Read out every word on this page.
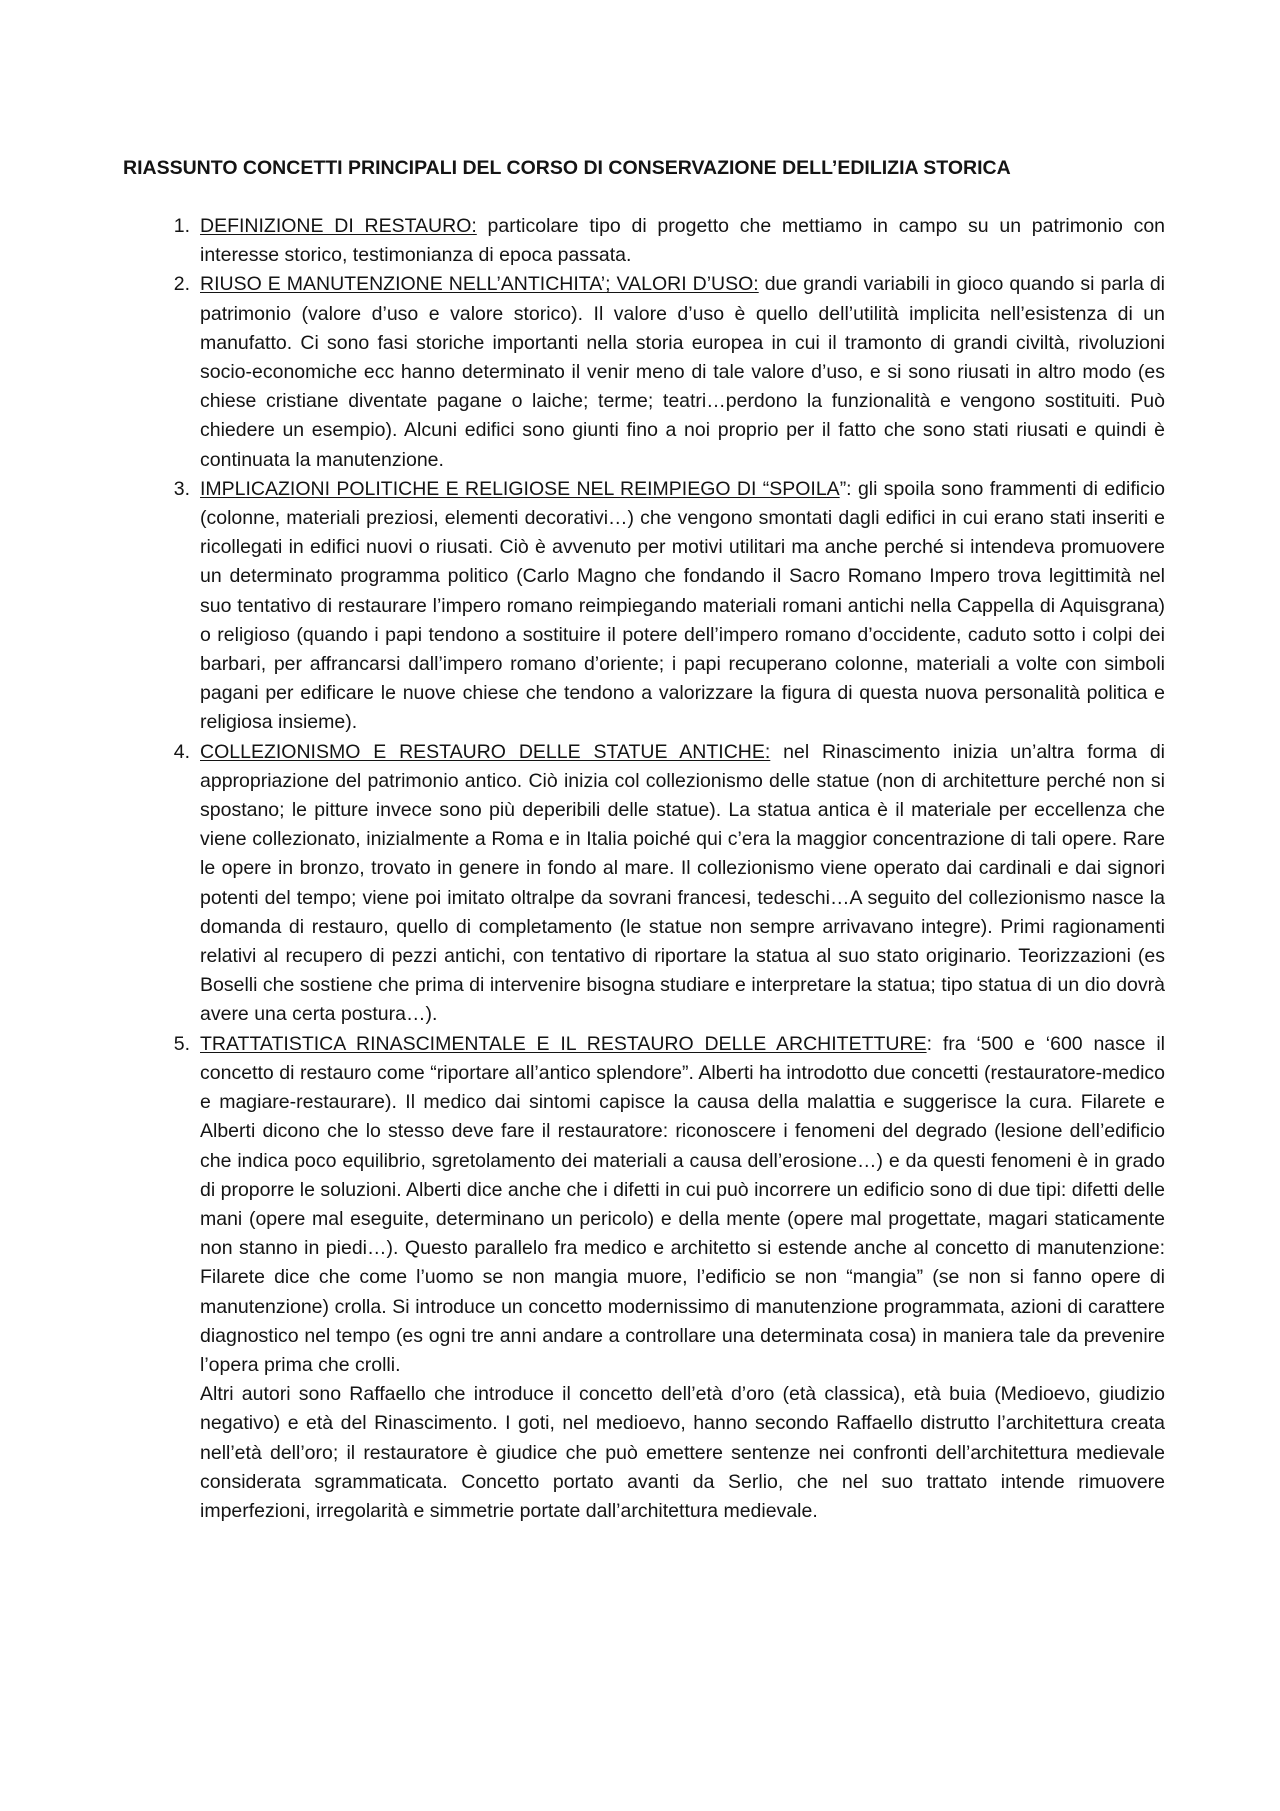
RIASSUNTO CONCETTI PRINCIPALI DEL CORSO DI CONSERVAZIONE DELL’EDILIZIA STORICA
1. DEFINIZIONE DI RESTAURO: particolare tipo di progetto che mettiamo in campo su un patrimonio con interesse storico, testimonianza di epoca passata.

2. RIUSO E MANUTENZIONE NELL’ANTICHITA’; VALORI D’USO: due grandi variabili in gioco quando si parla di patrimonio (valore d’uso e valore storico). Il valore d’uso è quello dell’utilità implicita nell’esistenza di un manufatto. Ci sono fasi storiche importanti nella storia europea in cui il tramonto di grandi civiltà, rivoluzioni socio-economiche ecc hanno determinato il venir meno di tale valore d’uso, e si sono riusati in altro modo (es chiese cristiane diventate pagane o laiche; terme; teatri…perdono la funzionalità e vengono sostituiti. Può chiedere un esempio). Alcuni edifici sono giunti fino a noi proprio per il fatto che sono stati riusati e quindi è continuata la manutenzione.

3. IMPLICAZIONI POLITICHE E RELIGIOSE NEL REIMPIEGO DI “SPOILA”: gli spoila sono frammenti di edificio (colonne, materiali preziosi, elementi decorativi…) che vengono smontati dagli edifici in cui erano stati inseriti e ricollegati in edifici nuovi o riusati. Ciò è avvenuto per motivi utilitari ma anche perché si intendeva promuovere un determinato programma politico (Carlo Magno che fondando il Sacro Romano Impero trova legittimità nel suo tentativo di restaurare l’impero romano reimpiegando materiali romani antichi nella Cappella di Aquisgrana) o religioso (quando i papi tendono a sostituire il potere dell’impero romano d’occidente, caduto sotto i colpi dei barbari, per affrancarsi dall’impero romano d’oriente; i papi recuperano colonne, materiali a volte con simboli pagani per edificare le nuove chiese che tendono a valorizzare la figura di questa nuova personalità politica e religiosa insieme).

4. COLLEZIONISMO E RESTAURO DELLE STATUE ANTICHE: nel Rinascimento inizia un’altra forma di appropriazione del patrimonio antico. Ciò inizia col collezionismo delle statue (non di architetture perché non si spostano; le pitture invece sono più deperibili delle statue). La statua antica è il materiale per eccellenza che viene collezionato, inizialmente a Roma e in Italia poiché qui c’era la maggior concentrazione di tali opere. Rare le opere in bronzo, trovato in genere in fondo al mare. Il collezionismo viene operato dai cardinali e dai signori potenti del tempo; viene poi imitato oltralpe da sovrani francesi, tedeschi…A seguito del collezionismo nasce la domanda di restauro, quello di completamento (le statue non sempre arrivavano integre). Primi ragionamenti relativi al recupero di pezzi antichi, con tentativo di riportare la statua al suo stato originario. Teorizzazioni (es Boselli che sostiene che prima di intervenire bisogna studiare e interpretare la statua; tipo statua di un dio dovrà avere una certa postura…).

5. TRATTATISTICA RINASCIMENTALE E IL RESTAURO DELLE ARCHITETTURE: fra ‘500 e ‘600 nasce il concetto di restauro come “riportare all’antico splendore”. Alberti ha introdotto due concetti (restauratore-medico e magiare-restaurare). Il medico dai sintomi capisce la causa della malattia e suggerisce la cura. Filarete e Alberti dicono che lo stesso deve fare il restauratore: riconoscere i fenomeni del degrado (lesione dell’edificio che indica poco equilibrio, sgretolamento dei materiali a causa dell’erosione…) e da questi fenomeni è in grado di proporre le soluzioni. Alberti dice anche che i difetti in cui può incorrere un edificio sono di due tipi: difetti delle mani (opere mal eseguite, determinano un pericolo) e della mente (opere mal progettate, magari staticamente non stanno in piedi…). Questo parallelo fra medico e architetto si estende anche al concetto di manutenzione: Filarete dice che come l’uomo se non mangia muore, l’edificio se non “mangia” (se non si fanno opere di manutenzione) crolla. Si introduce un concetto modernissimo di manutenzione programmata, azioni di carattere diagnostico nel tempo (es ogni tre anni andare a controllare una determinata cosa) in maniera tale da prevenire l’opera prima che crolli.

Altri autori sono Raffaello che introduce il concetto dell’età d’oro (età classica), età buia (Medioevo, giudizio negativo) e età del Rinascimento. I goti, nel medioevo, hanno secondo Raffaello distrutto l’architettura creata nell’età dell’oro; il restauratore è giudice che può emettere sentenze nei confronti dell’architettura medievale considerata sgrammaticata. Concetto portato avanti da Serlio, che nel suo trattato intende rimuovere imperfezioni, irregolarità e simmetrie portate dall’architettura medievale.
